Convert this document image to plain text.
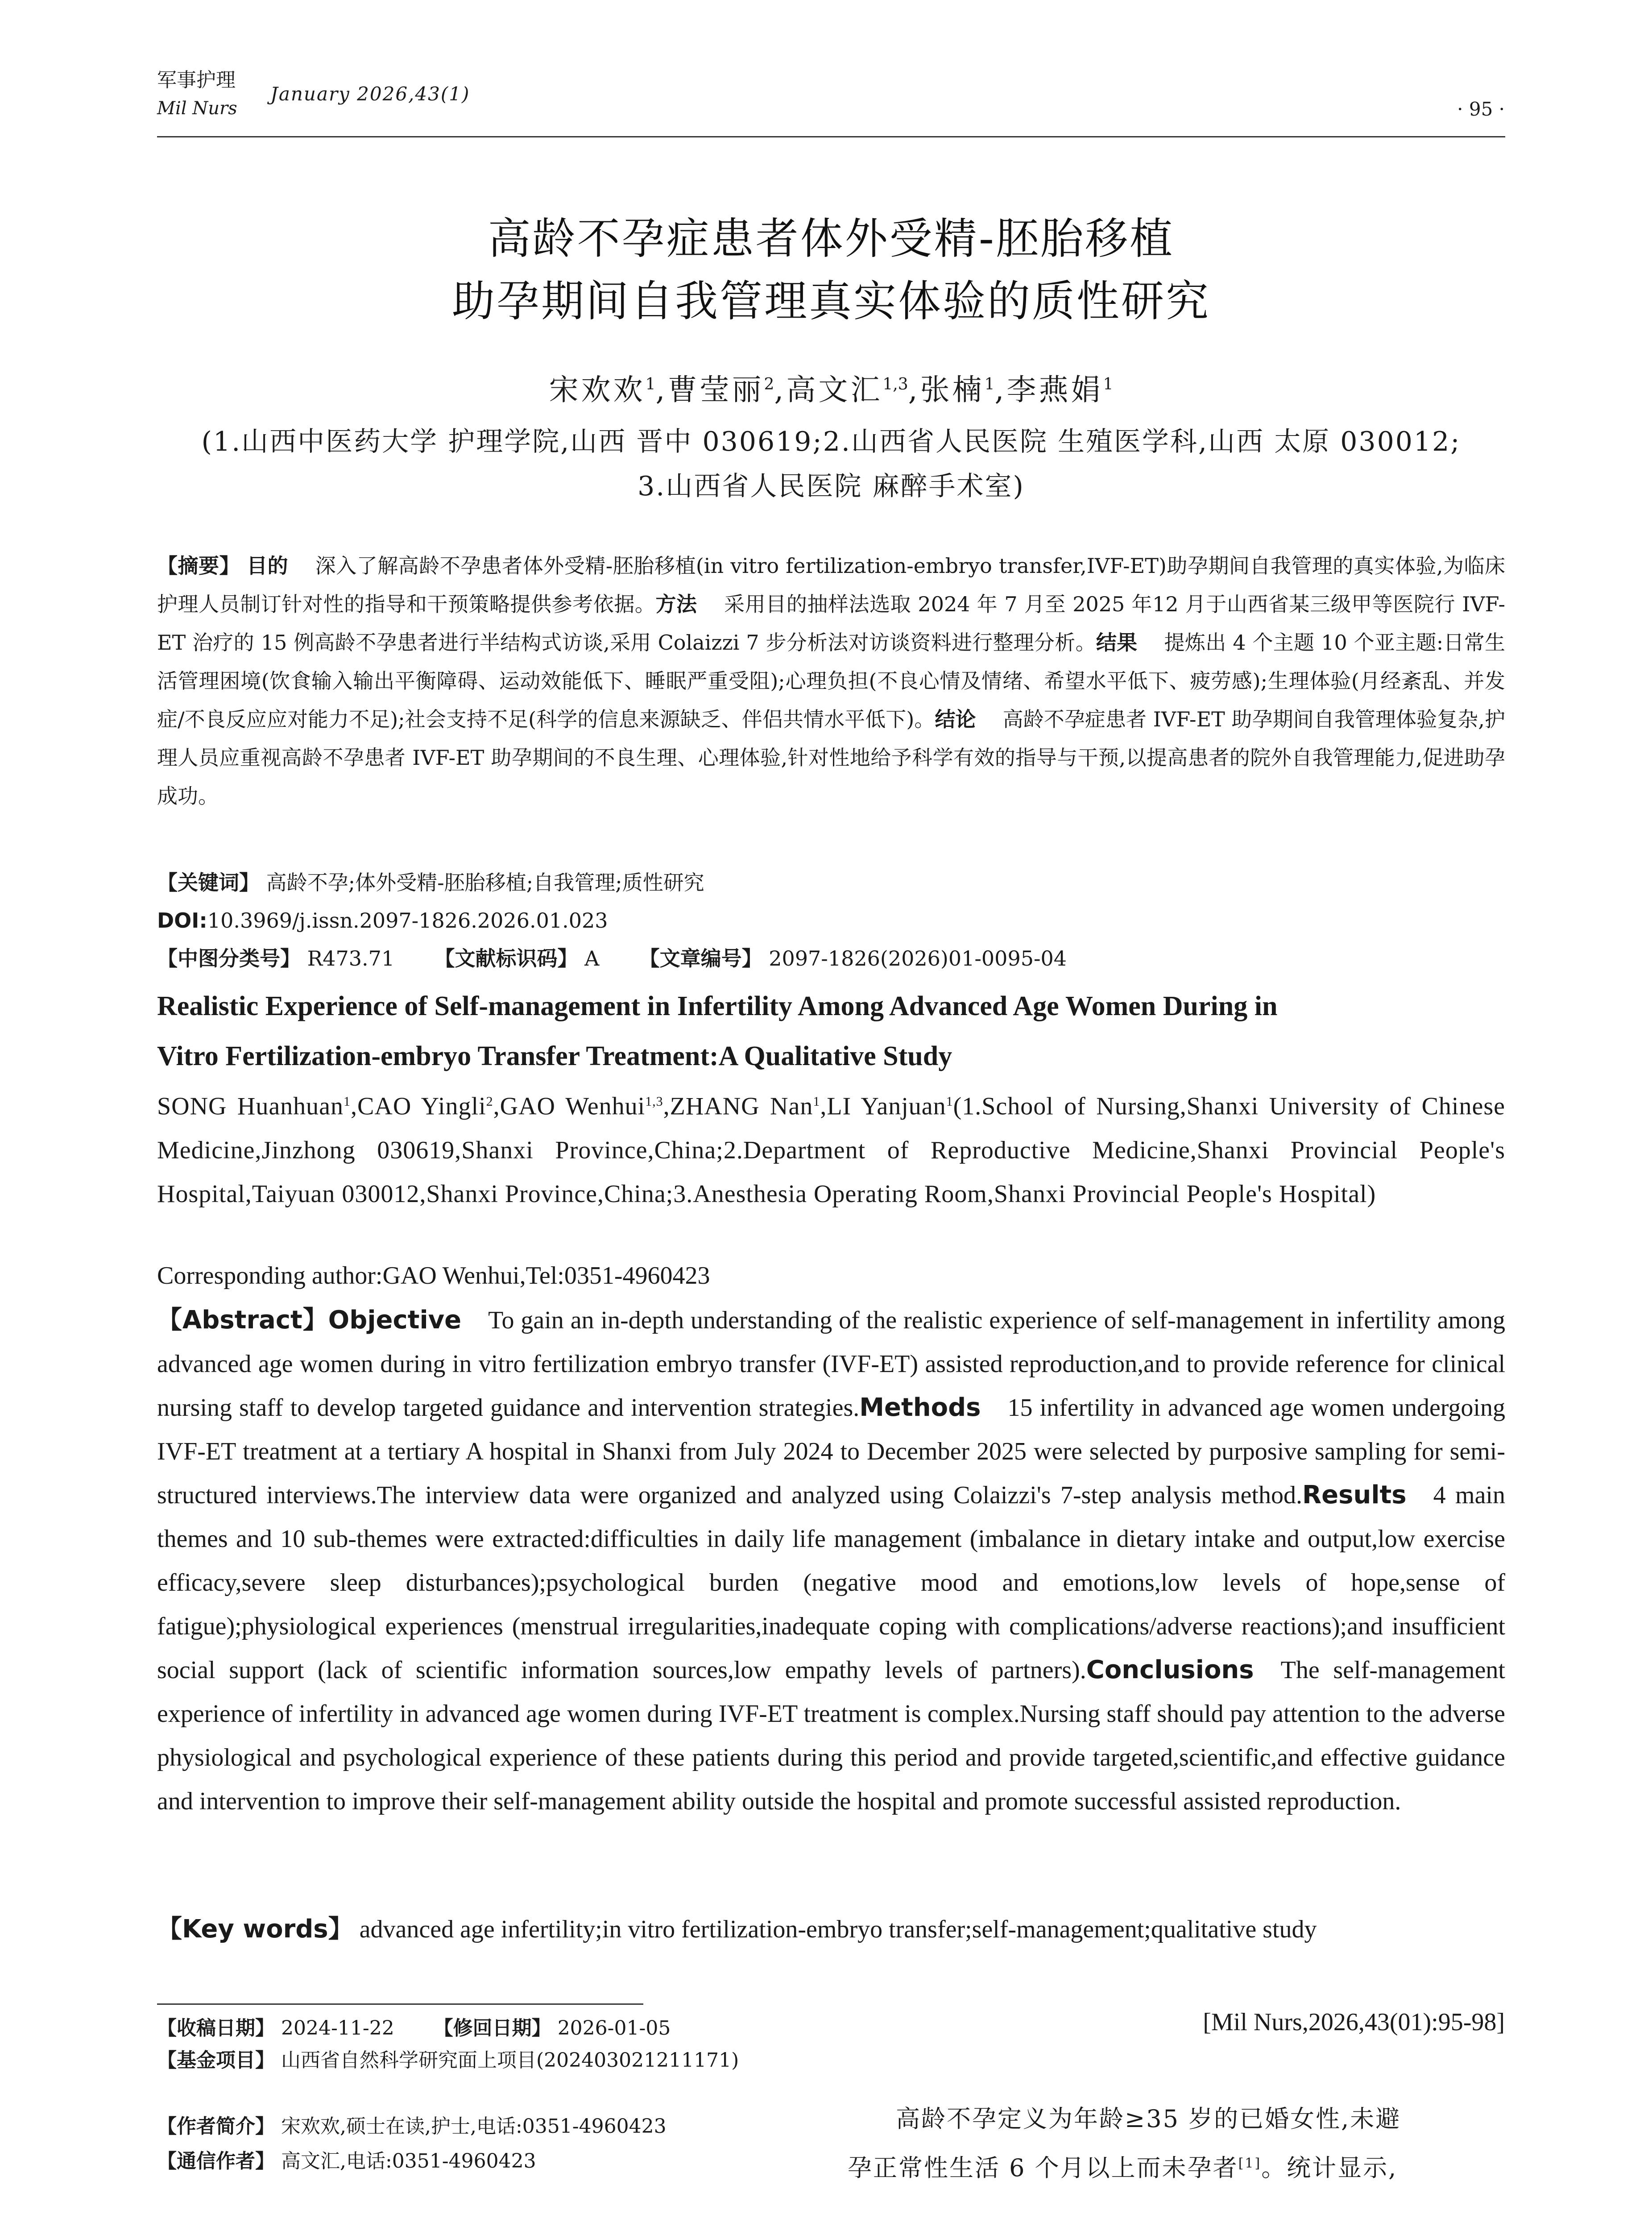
军事护理
Mil Nurs
January 2026,43(1)
· 95 ·
高龄不孕症患者体外受精-胚胎移植
助孕期间自我管理真实体验的质性研究
宋欢欢$^1$,曹莹丽$^2$,高文汇$^{1,3}$,张楠$^1$,李燕娟$^1$
(1.山西中医药大学 护理学院,山西 晋中 030619;2.山西省人民医院 生殖医学科,山西 太原 030012;
3.山西省人民医院 麻醉手术室)
【摘要】 目的 深入了解高龄不孕患者体外受精-胚胎移植(in vitro fertilization-embryo transfer,IVF-ET)助孕期间自我管理的真实体验,为临床护理人员制订针对性的指导和干预策略提供参考依据。方法 采用目的抽样法选取 2024 年 7 月至 2025 年12 月于山西省某三级甲等医院行 IVF-ET 治疗的 15 例高龄不孕患者进行半结构式访谈,采用 Colaizzi 7 步分析法对访谈资料进行整理分析。结果 提炼出 4 个主题 10 个亚主题:日常生活管理困境(饮食输入输出平衡障碍、运动效能低下、睡眠严重受阻);心理负担(不良心情及情绪、希望水平低下、疲劳感);生理体验(月经紊乱、并发症/不良反应应对能力不足);社会支持不足(科学的信息来源缺乏、伴侣共情水平低下)。结论 高龄不孕症患者 IVF-ET 助孕期间自我管理体验复杂,护理人员应重视高龄不孕患者 IVF-ET 助孕期间的不良生理、心理体验,针对性地给予科学有效的指导与干预,以提高患者的院外自我管理能力,促进助孕成功。
【关键词】 高龄不孕;体外受精-胚胎移植;自我管理;质性研究
DOI:10.3969/j.issn.2097-1826.2026.01.023
【中图分类号】 R473.71 【文献标识码】 A 【文章编号】 2097-1826(2026)01-0095-04
Realistic Experience of Self-management in Infertility Among Advanced Age Women During in
Vitro Fertilization-embryo Transfer Treatment:A Qualitative Study
SONG Huanhuan$^1$,CAO Yingli$^2$,GAO Wenhui$^{1,3}$,ZHANG Nan$^1$,LI Yanjuan$^1$(1.School of Nursing,Shanxi University of Chinese Medicine,Jinzhong 030619,Shanxi Province,China;2.Department of Reproductive Medicine,Shanxi Provincial People's Hospital,Taiyuan 030012,Shanxi Province,China;3.Anesthesia Operating Room,Shanxi Provincial People's Hospital)
Corresponding author:GAO Wenhui,Tel:0351-4960423
【Abstract】Objective To gain an in-depth understanding of the realistic experience of self-management in infertility among advanced age women during in vitro fertilization embryo transfer (IVF-ET) assisted reproduction,and to provide reference for clinical nursing staff to develop targeted guidance and intervention strategies.Methods 15 infertility in advanced age women undergoing IVF-ET treatment at a tertiary A hospital in Shanxi from July 2024 to December 2025 were selected by purposive sampling for semi-structured interviews.The interview data were organized and analyzed using Colaizzi's 7-step analysis method.Results 4 main themes and 10 sub-themes were extracted:difficulties in daily life management (imbalance in dietary intake and output,low exercise efficacy,severe sleep disturbances);psychological burden (negative mood and emotions,low levels of hope,sense of fatigue);physiological experiences (menstrual irregularities,inadequate coping with complications/adverse reactions);and insufficient social support (lack of scientific information sources,low empathy levels of partners).Conclusions The self-management experience of infertility in advanced age women during IVF-ET treatment is complex.Nursing staff should pay attention to the adverse physiological and psychological experience of these patients during this period and provide targeted,scientific,and effective guidance and intervention to improve their self-management ability outside the hospital and promote successful assisted reproduction.
【Key words】 advanced age infertility;in vitro fertilization-embryo transfer;self-management;qualitative study
【收稿日期】 2024-11-22 【修回日期】 2026-01-05
【基金项目】 山西省自然科学研究面上项目(202403021211171)
【作者简介】 宋欢欢,硕士在读,护士,电话:0351-4960423
【通信作者】 高文汇,电话:0351-4960423
[Mil Nurs,2026,43(01):95-98]
高龄不孕定义为年龄≥35 岁的已婚女性,未避
孕正常性生活 6 个月以上而未孕者[1]。统计显示,
